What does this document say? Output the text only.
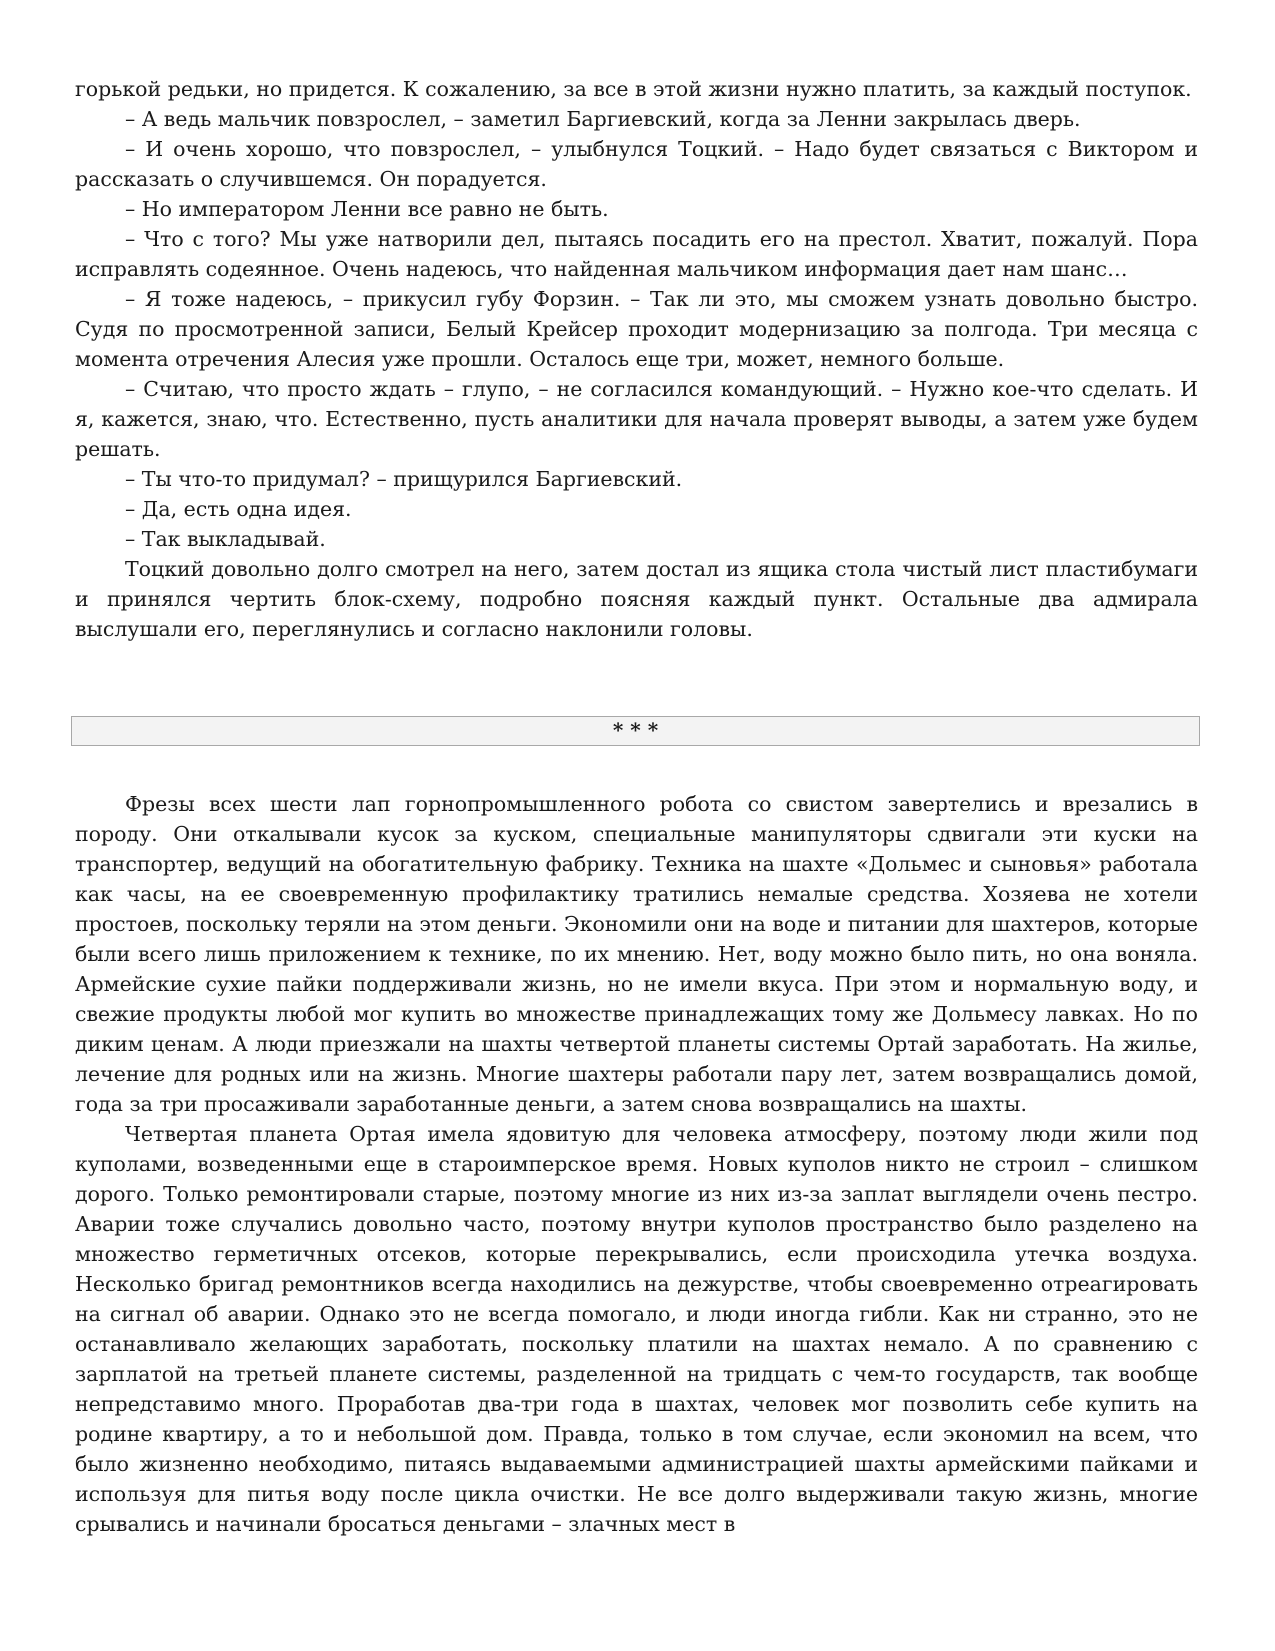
горькой редьки, но придется. К сожалению, за все в этой жизни нужно платить, за каждый поступок.

– А ведь мальчик повзрослел, – заметил Баргиевский, когда за Ленни закрылась дверь.

– И очень хорошо, что повзрослел, – улыбнулся Тоцкий. – Надо будет связаться с Виктором и рассказать о случившемся. Он порадуется.

– Но императором Ленни все равно не быть.

– Что с того? Мы уже натворили дел, пытаясь посадить его на престол. Хватит, пожалуй. Пора исправлять содеянное. Очень надеюсь, что найденная мальчиком информация дает нам шанс…

– Я тоже надеюсь, – прикусил губу Форзин. – Так ли это, мы сможем узнать довольно быстро. Судя по просмотренной записи, Белый Крейсер проходит модернизацию за полгода. Три месяца с момента отречения Алесия уже прошли. Осталось еще три, может, немного больше.

– Считаю, что просто ждать – глупо, – не согласился командующий. – Нужно кое-что сделать. И я, кажется, знаю, что. Естественно, пусть аналитики для начала проверят выводы, а затем уже будем решать.

– Ты что-то придумал? – прищурился Баргиевский.

– Да, есть одна идея.

– Так выкладывай.

Тоцкий довольно долго смотрел на него, затем достал из ящика стола чистый лист пластибумаги и принялся чертить блок-схему, подробно поясняя каждый пункт. Остальные два адмирала выслушали его, переглянулись и согласно наклонили головы.

* * *

Фрезы всех шести лап горнопромышленного робота со свистом завертелись и врезались в породу. Они откалывали кусок за куском, специальные манипуляторы сдвигали эти куски на транспортер, ведущий на обогатительную фабрику. Техника на шахте «Дольмес и сыновья» работала как часы, на ее своевременную профилактику тратились немалые средства. Хозяева не хотели простоев, поскольку теряли на этом деньги. Экономили они на воде и питании для шахтеров, которые были всего лишь приложением к технике, по их мнению. Нет, воду можно было пить, но она воняла. Армейские сухие пайки поддерживали жизнь, но не имели вкуса. При этом и нормальную воду, и свежие продукты любой мог купить во множестве принадлежащих тому же Дольмесу лавках. Но по диким ценам. А люди приезжали на шахты четвертой планеты системы Ортай заработать. На жилье, лечение для родных или на жизнь. Многие шахтеры работали пару лет, затем возвращались домой, года за три просаживали заработанные деньги, а затем снова возвращались на шахты.

Четвертая планета Ортая имела ядовитую для человека атмосферу, поэтому люди жили под куполами, возведенными еще в староимперское время. Новых куполов никто не строил – слишком дорого. Только ремонтировали старые, поэтому многие из них из-за заплат выглядели очень пестро. Аварии тоже случались довольно часто, поэтому внутри куполов пространство было разделено на множество герметичных отсеков, которые перекрывались, если происходила утечка воздуха. Несколько бригад ремонтников всегда находились на дежурстве, чтобы своевременно отреагировать на сигнал об аварии. Однако это не всегда помогало, и люди иногда гибли. Как ни странно, это не останавливало желающих заработать, поскольку платили на шахтах немало. А по сравнению с зарплатой на третьей планете системы, разделенной на тридцать с чем-то государств, так вообще непредставимо много. Проработав два-три года в шахтах, человек мог позволить себе купить на родине квартиру, а то и небольшой дом. Правда, только в том случае, если экономил на всем, что было жизненно необходимо, питаясь выдаваемыми администрацией шахты армейскими пайками и используя для питья воду после цикла очистки. Не все долго выдерживали такую жизнь, многие срывались и начинали бросаться деньгами – злачных мест в
